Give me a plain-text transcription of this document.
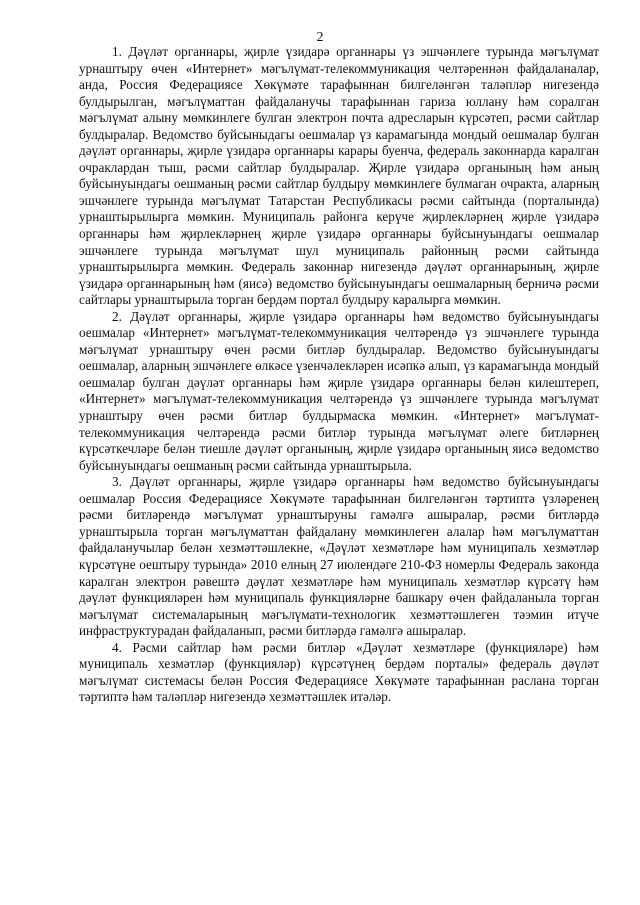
2

1. Дәүләт органнары, җирле үзидарә органнары үз эшчәнлеге турында мәгълүмат урнаштыру өчен «Интернет» мәгълүмат-телекоммуникация челтәреннән файдаланалар, анда, Россия Федерациясе Хөкүмәте тарафыннан билгеләнгән таләпләр нигезендә булдырылган, мәгълүматтан файдаланучы тарафыннан гариза юллану һәм соралган мәгълүмат алыну мөмкинлеге булган электрон почта адресларын күрсәтеп, рәсми сайтлар булдыралар. Ведомство буйсыныдагы оешмалар үз карамагында мондый оешмалар булган дәүләт органнары, җирле үзидарә органнары карары буенча, федераль законнарда каралган очраклардан тыш, рәсми сайтлар булдыралар. Җирле үзидарә органының һәм аның буйсынуындагы оешманың рәсми сайтлар булдыру мөмкинлеге булмаган очракта, аларның эшчәнлеге турында мәгълүмат Татарстан Республикасы рәсми сайтында (порталында) урнаштырылырга мөмкин. Муниципаль районга керүче җирлекләрнең җирле үзидарә органнары һәм җирлекләрнең җирле үзидарә органнары буйсынуындагы оешмалар эшчәнлеге турында мәгълүмат шул муниципаль районның рәсми сайтында урнаштырылырга мөмкин. Федераль законнар нигезендә дәүләт органнарының, җирле үзидарә органнарының һәм (яисә) ведомство буйсынуындагы оешмаларның берничә рәсми сайтлары урнаштырыла торган бердәм портал булдыру каралырга мөмкин.

2. Дәүләт органнары, җирле үзидарә органнары һәм ведомство буйсынуындагы оешмалар «Интернет» мәгълүмат-телекоммуникация челтәрендә үз эшчәнлеге турында мәгълүмат урнаштыру өчен рәсми битләр булдыралар. Ведомство буйсынуындагы оешмалар, аларның эшчәнлеге өлкәсе үзенчәлекләрен исәпкә алып, үз карамагында мондый оешмалар булган дәүләт органнары һәм җирле үзидарә органнары белән килештереп, «Интернет» мәгълүмат-телекоммуникация челтәрендә үз эшчәнлеге турында мәгълүмат урнаштыру өчен рәсми битләр булдырмаска мөмкин. «Интернет» мәгълүмат-телекоммуникация челтәрендә рәсми битләр турында мәгълүмат әлеге битләрнең күрсәткечләре белән тиешле дәүләт органының, җирле үзидарә органының яисә ведомство буйсынуындагы оешманың рәсми сайтында урнаштырыла.

3. Дәүләт органнары, җирле үзидарә органнары һәм ведомство буйсынуындагы оешмалар Россия Федерациясе Хөкүмәте тарафыннан билгеләнгән тәртиптә үзләренең рәсми битләрендә мәгълүмат урнаштыруны гамәлгә ашыралар, рәсми битләрдә урнаштырыла торган мәгълүматтан файдалану мөмкинлеген алалар һәм мәгълүматтан файдаланучылар белән хезмәттәшлекне, «Дәүләт хезмәтләре һәм муниципаль хезмәтләр күрсәтүне оештыру турында» 2010 елның 27 июлендәге 210-ФЗ номерлы Федераль законда каралган электрон рәвештә дәүләт хезмәтләре һәм муниципаль хезмәтләр күрсәтү һәм дәүләт функцияләрен һәм муниципаль функцияләрне башкару өчен файдаланыла торган мәгълүмат системаларының мәгълүмати-технологик хезмәттәшлеген тәэмин итүче инфраструктурадан файдаланып, рәсми битләрдә гамәлгә ашыралар.

4. Рәсми сайтлар һәм рәсми битләр «Дәүләт хезмәтләре (функцияләре) һәм муниципаль хезмәтләр (функцияләр) күрсәтүнең бердәм порталы» федераль дәүләт мәгълүмат системасы белән Россия Федерациясе Хөкүмәте тарафыннан раслана торган тәртиптә һәм таләпләр нигезендә хезмәттәшлек итәләр.
